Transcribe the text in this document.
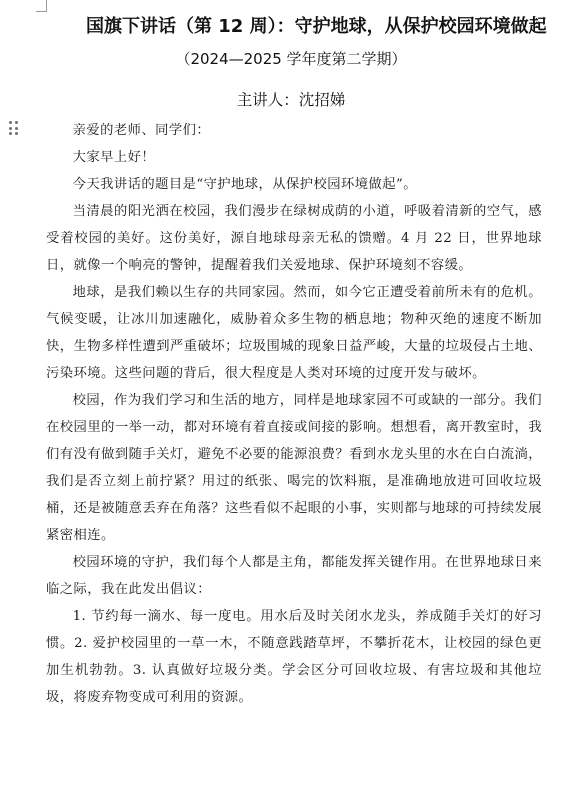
国旗下讲话（第 12 周）：守护地球，从保护校园环境做起
（2024—2025 学年度第二学期）
主讲人：沈招娣

亲爱的老师、同学们：

大家早上好！

今天我讲话的题目是“守护地球，从保护校园环境做起”。

当清晨的阳光洒在校园，我们漫步在绿树成荫的小道，呼吸着清新的空气，感受着校园的美好。这份美好，源自地球母亲无私的馈赠。4 月 22 日，世界地球日，就像一个响亮的警钟，提醒着我们关爱地球、保护环境刻不容缓。

地球，是我们赖以生存的共同家园。然而，如今它正遭受着前所未有的危机。气候变暖，让冰川加速融化，威胁着众多生物的栖息地；物种灭绝的速度不断加快，生物多样性遭到严重破坏；垃圾围城的现象日益严峻，大量的垃圾侵占土地、污染环境。这些问题的背后，很大程度是人类对环境的过度开发与破坏。

校园，作为我们学习和生活的地方，同样是地球家园不可或缺的一部分。我们在校园里的一举一动，都对环境有着直接或间接的影响。想想看，离开教室时，我们有没有做到随手关灯，避免不必要的能源浪费？看到水龙头里的水在白白流淌，我们是否立刻上前拧紧？用过的纸张、喝完的饮料瓶，是准确地放进可回收垃圾桶，还是被随意丢弃在角落？这些看似不起眼的小事，实则都与地球的可持续发展紧密相连。

校园环境的守护，我们每个人都是主角，都能发挥关键作用。在世界地球日来临之际，我在此发出倡议：

1. 节约每一滴水、每一度电。用水后及时关闭水龙头，养成随手关灯的好习惯。2. 爱护校园里的一草一木，不随意践踏草坪，不攀折花木，让校园的绿色更加生机勃勃。3. 认真做好垃圾分类。学会区分可回收垃圾、有害垃圾和其他垃圾，将废弃物变成可利用的资源。
